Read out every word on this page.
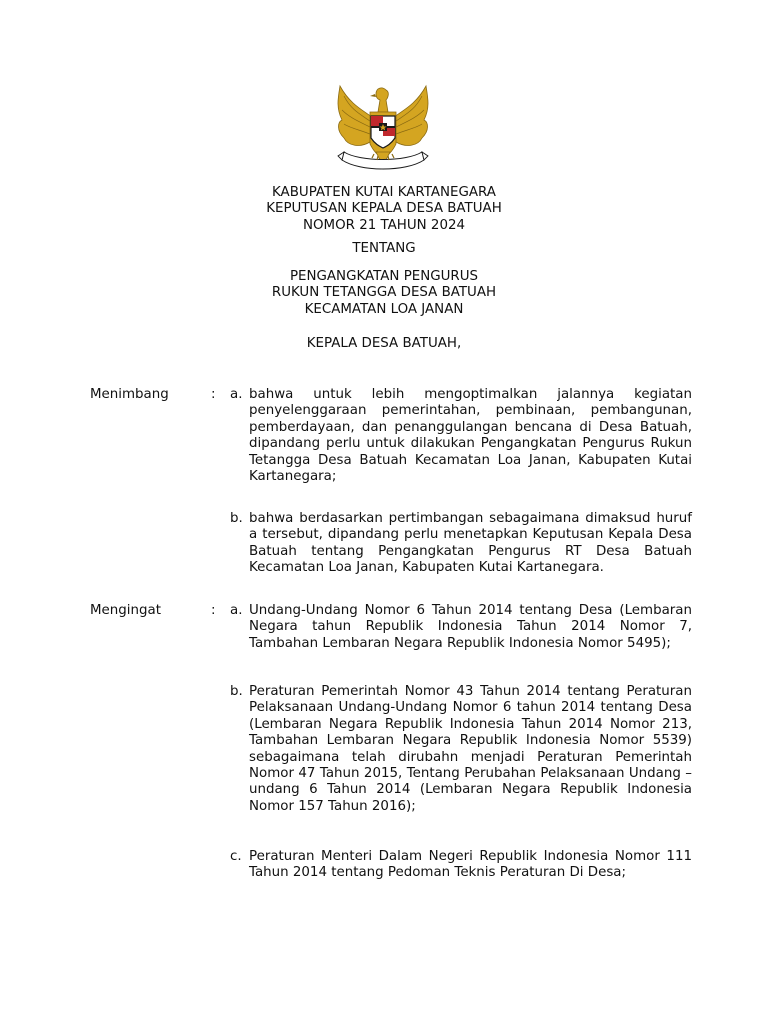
KABUPATEN KUTAI KARTANEGARA
KEPUTUSAN KEPALA DESA BATUAH
NOMOR 21 TAHUN 2024
TENTANG
PENGANGKATAN PENGURUS
RUKUN TETANGGA DESA BATUAH
KECAMATAN LOA JANAN
KEPALA DESA BATUAH,
Menimbang	: a. bahwa untuk lebih mengoptimalkan jalannya kegiatan penyelenggaraan pemerintahan, pembinaan, pembangunan, pemberdayaan, dan penanggulangan bencana di Desa Batuah, dipandang perlu untuk dilakukan Pengangkatan Pengurus Rukun Tetangga Desa Batuah Kecamatan Loa Janan, Kabupaten Kutai Kartanegara;

b. bahwa berdasarkan pertimbangan sebagaimana dimaksud huruf a tersebut, dipandang perlu menetapkan Keputusan Kepala Desa Batuah tentang Pengangkatan Pengurus RT Desa Batuah Kecamatan Loa Janan, Kabupaten Kutai Kartanegara.

Mengingat	: a. Undang-Undang Nomor 6 Tahun 2014 tentang Desa (Lembaran Negara tahun Republik Indonesia Tahun 2014 Nomor 7, Tambahan Lembaran Negara Republik Indonesia Nomor 5495);

b. Peraturan Pemerintah Nomor 43 Tahun 2014 tentang Peraturan Pelaksanaan Undang-Undang Nomor 6 tahun 2014 tentang Desa (Lembaran Negara Republik Indonesia Tahun 2014 Nomor 213, Tambahan Lembaran Negara Republik Indonesia Nomor 5539) sebagaimana telah dirubahn menjadi Peraturan Pemerintah Nomor 47 Tahun 2015, Tentang Perubahan Pelaksanaan Undang – undang 6 Tahun 2014 (Lembaran Negara Republik Indonesia Nomor 157 Tahun 2016);

c. Peraturan Menteri Dalam Negeri Republik Indonesia Nomor 111 Tahun 2014 tentang Pedoman Teknis Peraturan Di Desa;
